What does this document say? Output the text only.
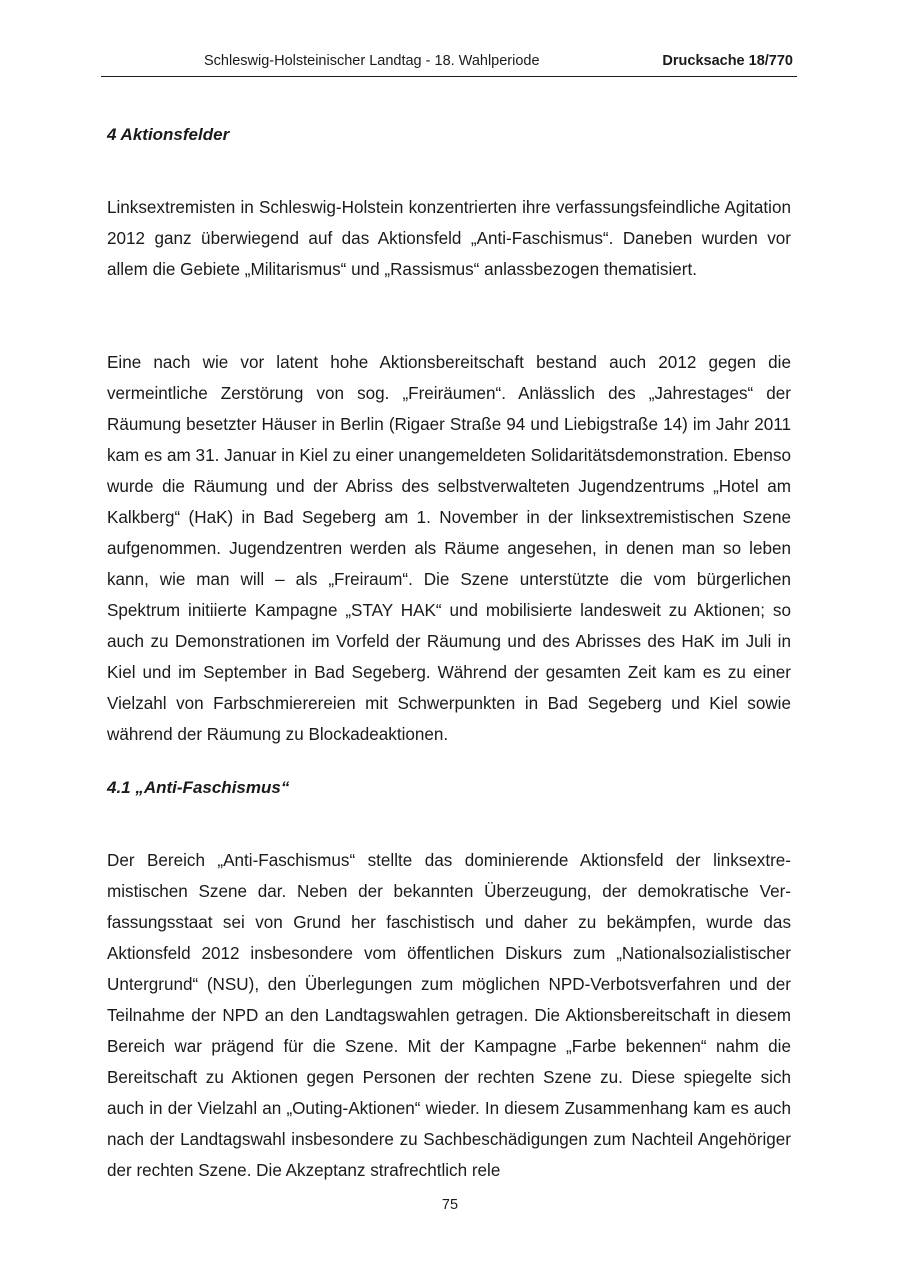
Schleswig-Holsteinischer Landtag - 18. Wahlperiode	Drucksache 18/770
4 Aktionsfelder

Linksextremisten in Schleswig-Holstein konzentrierten ihre verfassungsfeindliche Agitation 2012 ganz überwiegend auf das Aktionsfeld „Anti-Faschismus“. Daneben wurden vor allem die Gebiete „Militarismus“ und „Rassismus“ anlassbezogen thematisiert.

Eine nach wie vor latent hohe Aktionsbereitschaft bestand auch 2012 gegen die vermeintliche Zerstörung von sog. „Freiräumen“. Anlässlich des „Jahrestages“ der Räumung besetzter Häuser in Berlin (Rigaer Straße 94 und Liebigstraße 14) im Jahr 2011 kam es am 31. Januar in Kiel zu einer unangemeldeten Solidaritätsdemonstration. Ebenso wurde die Räumung und der Abriss des selbstverwalteten Jugendzentrums „Hotel am Kalkberg“ (HaK) in Bad Segeberg am 1. November in der linksextremistischen Szene aufgenommen. Jugendzentren werden als Räume angesehen, in denen man so leben kann, wie man will – als „Freiraum“. Die Szene unterstützte die vom bürgerlichen Spektrum initiierte Kampagne „STAY HAK“ und mobilisierte landesweit zu Aktionen; so auch zu Demonstrationen im Vorfeld der Räumung und des Abrisses des HaK im Juli in Kiel und im September in Bad Segeberg. Während der gesamten Zeit kam es zu einer Vielzahl von Farbschmierereien mit Schwerpunkten in Bad Segeberg und Kiel sowie während der Räumung zu Blockadeaktionen.

4.1 „Anti-Faschismus“

Der Bereich „Anti-Faschismus“ stellte das dominierende Aktionsfeld der linksextremistischen Szene dar. Neben der bekannten Überzeugung, der demokratische Verfassungsstaat sei von Grund her faschistisch und daher zu bekämpfen, wurde das Aktionsfeld 2012 insbesondere vom öffentlichen Diskurs zum „Nationalsozialistischer Untergrund“ (NSU), den Überlegungen zum möglichen NPD-Verbotsverfahren und der Teilnahme der NPD an den Landtagswahlen getragen. Die Aktionsbereitschaft in diesem Bereich war prägend für die Szene. Mit der Kampagne „Farbe bekennen“ nahm die Bereitschaft zu Aktionen gegen Personen der rechten Szene zu. Diese spiegelte sich auch in der Vielzahl an „Outing-Aktionen“ wieder. In diesem Zusammenhang kam es auch nach der Landtagswahl insbesondere zu Sachbeschädigungen zum Nachteil Angehöriger der rechten Szene. Die Akzeptanz strafrechtlich rele

75
